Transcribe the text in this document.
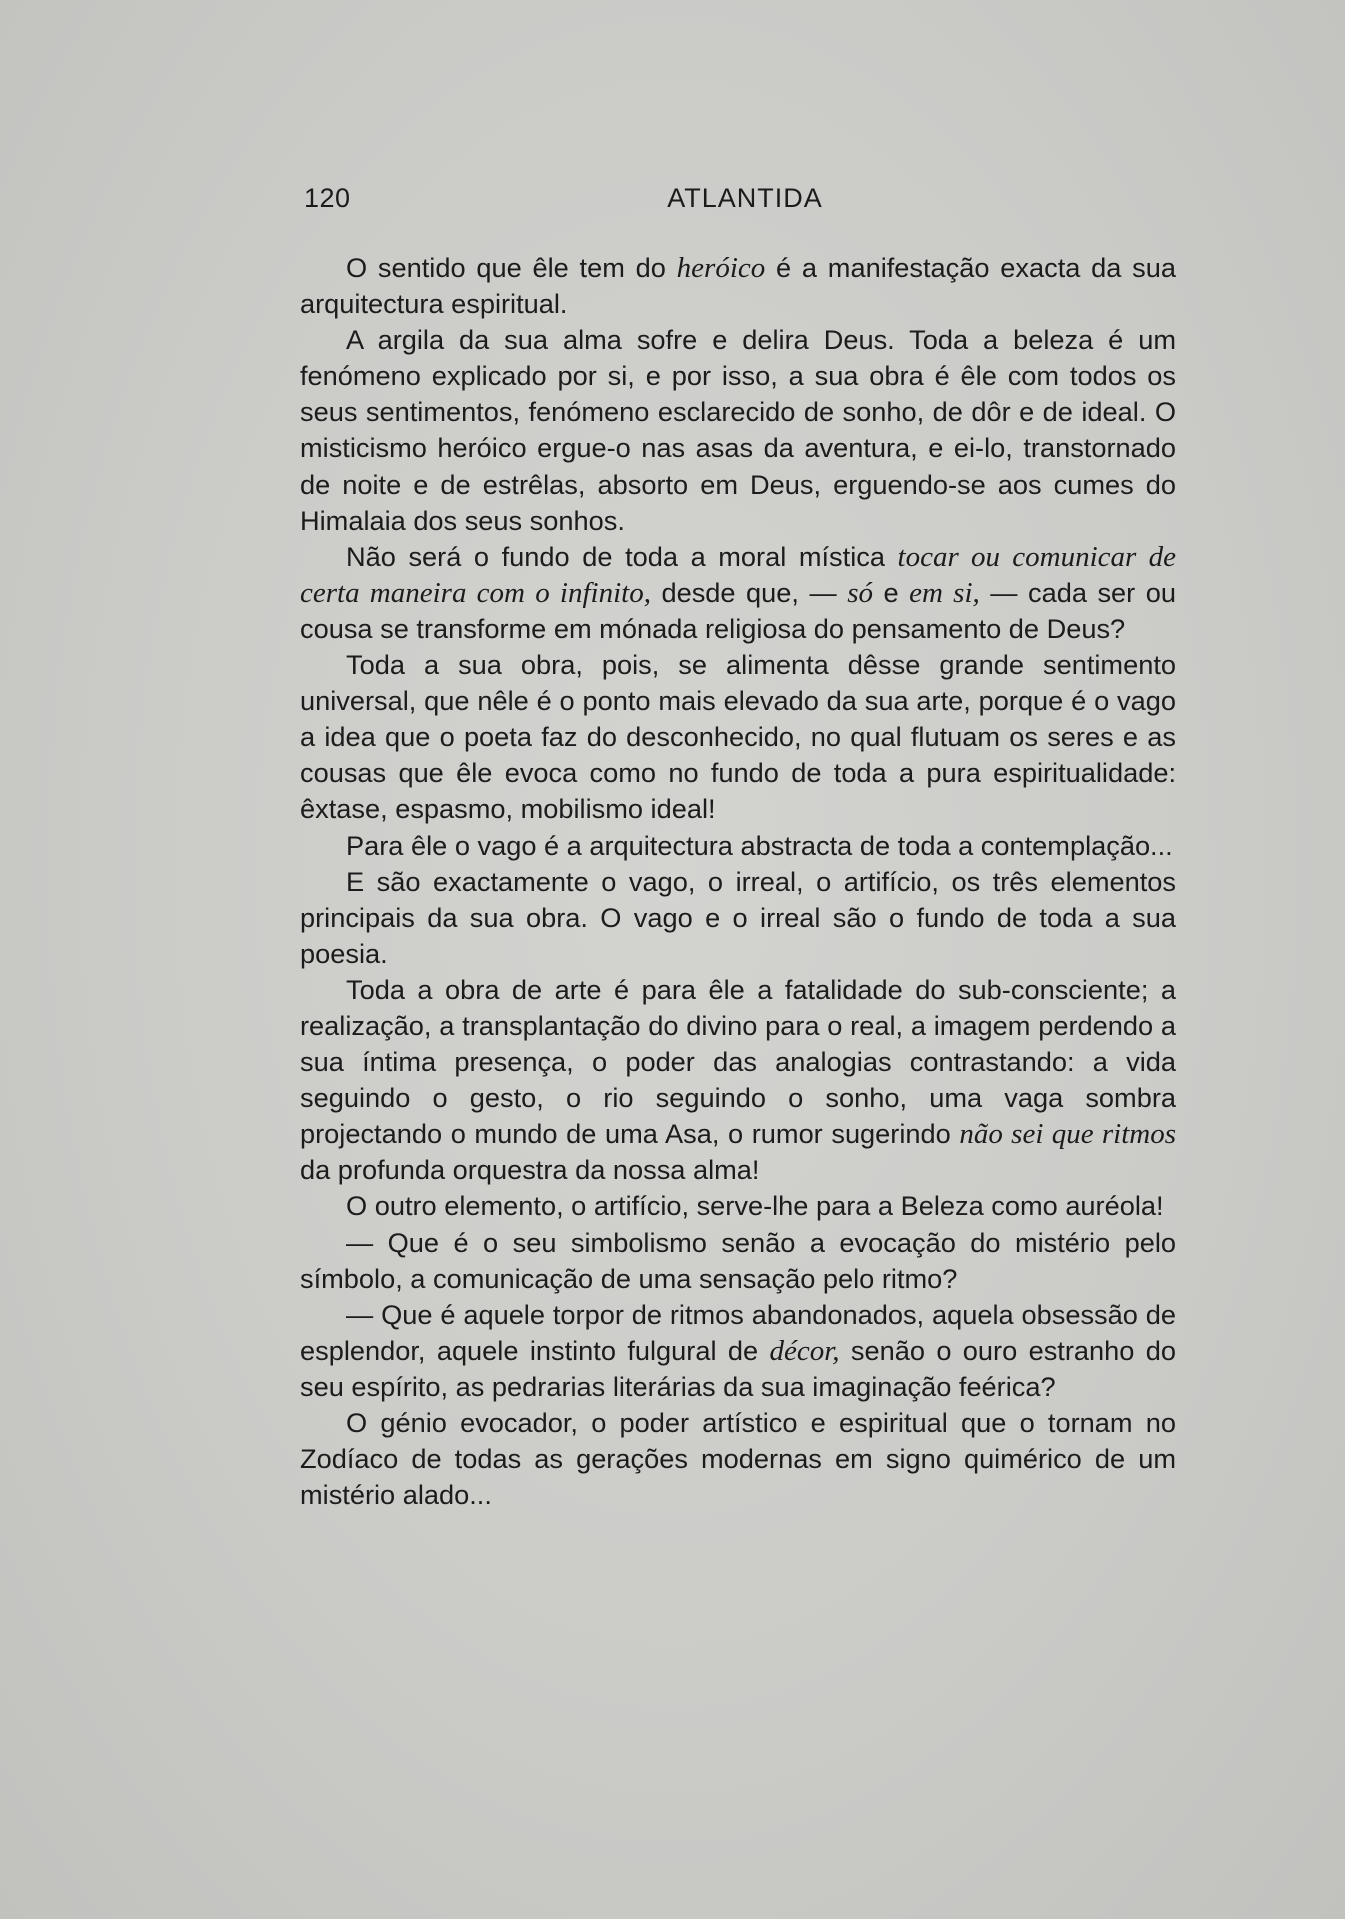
120	ATLANTIDA

O sentido que êle tem do heróico é a manifestação exacta da sua arquitectura espiritual.

A argila da sua alma sofre e delira Deus. Toda a beleza é um fenómeno explicado por si, e por isso, a sua obra é êle com todos os seus sentimentos, fenómeno esclarecido de sonho, de dôr e de ideal. O misticismo heróico ergue-o nas asas da aventura, e ei-lo, transtornado de noite e de estrêlas, absorto em Deus, erguendo-se aos cumes do Himalaia dos seus sonhos.

Não será o fundo de toda a moral mística tocar ou comunicar de certa maneira com o infinito, desde que, — só e em si, — cada ser ou cousa se transforme em mónada religiosa do pensamento de Deus?

Toda a sua obra, pois, se alimenta dêsse grande sentimento universal, que nêle é o ponto mais elevado da sua arte, porque é o vago a idea que o poeta faz do desconhecido, no qual flutuam os seres e as cousas que êle evoca como no fundo de toda a pura espiritualidade: êxtase, espasmo, mobilismo ideal!

Para êle o vago é a arquitectura abstracta de toda a contemplação...

E são exactamente o vago, o irreal, o artifício, os três elementos principais da sua obra. O vago e o irreal são o fundo de toda a sua poesia.

Toda a obra de arte é para êle a fatalidade do sub-consciente; a realização, a transplantação do divino para o real, a imagem perdendo a sua íntima presença, o poder das analogias contrastando: a vida seguindo o gesto, o rio seguindo o sonho, uma vaga sombra projectando o mundo de uma Asa, o rumor sugerindo não sei que ritmos da profunda orquestra da nossa alma!

O outro elemento, o artifício, serve-lhe para a Beleza como auréola!

— Que é o seu simbolismo senão a evocação do mistério pelo símbolo, a comunicação de uma sensação pelo ritmo?

— Que é aquele torpor de ritmos abandonados, aquela obsessão de esplendor, aquele instinto fulgural de décor, senão o ouro estranho do seu espírito, as pedrarias literárias da sua imaginação feérica?

O génio evocador, o poder artístico e espiritual que o tornam no Zodíaco de todas as gerações modernas em signo quimérico de um mistério alado...
